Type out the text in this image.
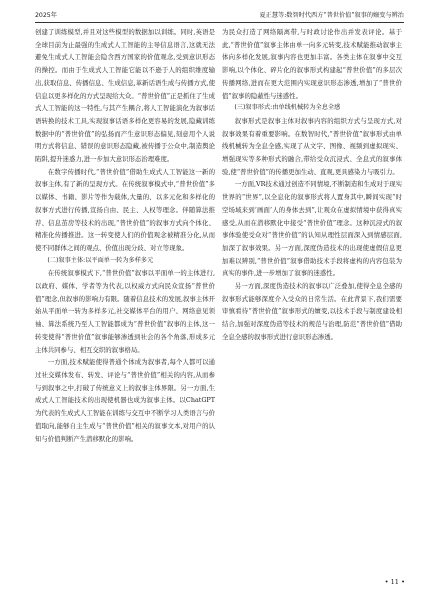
2025年	夏正慧等:数智时代西方“普世价值”叙事的嬗变与辨治

创建了训练模型,并且对这些模型的数据加以训练。同时,英语是全球目前为止最强的生成式人工智能的主导信息语言,这就无法避免生成式人工智能会隐含西方国家的价值观念,受到意识形态的操控。而由于生成式人工智能它能以不逊于人的组织维度输出,获取信息、传播信息、生成信息,革新话语生成与传播方式,使信息以更多样化的方式呈现给大众。“普世价值”正是抓住了生成式人工智能的这一特性,与其产生耦合,将人工智能演化为叙事话语转换的技术工具,实现叙事话语多样化更容易的发展,隐藏训练数据中的“普世价值”的弘扬而产生意识形态偏见,刻意用个人说明方式将信息、错误的意识形态隐藏,被传播于公众中,制造舆论陷阱,提升迷惑力,进一步加大意识形态治理难度。

在数字传播时代,“普世价值”借助生成式人工智能这一新的叙事主体,有了新的呈现方式。在传统叙事模式中,“普世价值”多以媒体、书籍、影片等作为载体,大量的、以多元化和多样化的叙事方式进行传播,宣扬自由、民主、人权等理念。伴随算法推荐、信息茧房等技术的出现,“普世价值”的叙事方式向个体化、精准化传播推进。这一转变使人们的价值观念被精准分化,从而使不同群体之间的观点、价值出现分歧、对立等现象。

(二)叙事主体:以平面单一转为多样多元

在传统叙事模式下,“普世价值”叙事以平面单一的主体进行,以政府、媒体、学者等为代表,以权威方式向民众宣扬“普世价值”理念,但叙事的影响力有限。随着信息技术的发展,叙事主体开始从平面单一转为多样多元,社交媒体平台的用户、网络意见领袖、算法系统乃至人工智能都成为“普世价值”叙事的主体,这一转变使得“普世价值”叙事能够渗透到社会的各个角落,形成多元主体共同参与、相互交织的叙事格局。

一方面,技术赋能使得普通个体成为叙事者,每个人都可以通过社交媒体发布、转发、评论与“普世价值”相关的内容,从而参与到叙事之中,打破了传统意义上的叙事主体界限。另一方面,生成式人工智能技术的出现使机器也成为叙事主体。以ChatGPT为代表的生成式人工智能在训练与交互中不断学习人类语言与价值取向,能够自主生成与“普世价值”相关的叙事文本,对用户的认知与价值判断产生潜移默化的影响。

为民众打造了网络隔离带,与时政讨论作出并发表评论。基于此,“普世价值”叙事主体由单一向多元转变,技术赋能推动叙事主体向多样化发展,叙事内容也更加丰富。各类主体在叙事中交互影响,以个体化、碎片化的叙事形式构建起“普世价值”的多层次传播网络,进而在更大范围内实现意识形态渗透,增加了“普世价值”叙事的隐蔽性与迷惑性。

(三)叙事形式:由单线机械转为全息全感

叙事形式是叙事主体对叙事内容的组织方式与呈现方式,对叙事效果有着重要影响。在数智时代,“普世价值”叙事形式由单线机械转为全息全感,实现了从文字、图像、视频到虚拟现实、增强现实等多种形式的融合,带给受众沉浸式、全息式的叙事体验,使“普世价值”的传播更加生动、直观,更具感染力与吸引力。

一方面,VR技术通过创造不同情境,不断制造和生成对于现实世界的“世界”,以全息化的叙事形式将人置身其中,瞬间实现“时空场域来到‘画面’人的身体去到”,让观众在虚拟情境中获得真实感受,从而在潜移默化中接受“普世价值”理念。这种沉浸式的叙事体验使受众对“普世价值”的认知从理性层面深入到情感层面,加深了叙事效果。另一方面,深度伪造技术的出现使虚假信息更加难以辨别,“普世价值”叙事借助技术手段将虚构的内容包装为真实的事件,进一步增加了叙事的迷惑性。

另一方面,深度伪造技术的叙事以广泛叠加,使得全息全感的叙事形式能够深度介入受众的日常生活。在此背景下,我们需要审慎看待“普世价值”叙事形式的嬗变,以技术手段与制度建设相结合,加强对深度伪造等技术的规范与治理,防范“普世价值”借助全息全感的叙事形式进行意识形态渗透。

• 11 •
